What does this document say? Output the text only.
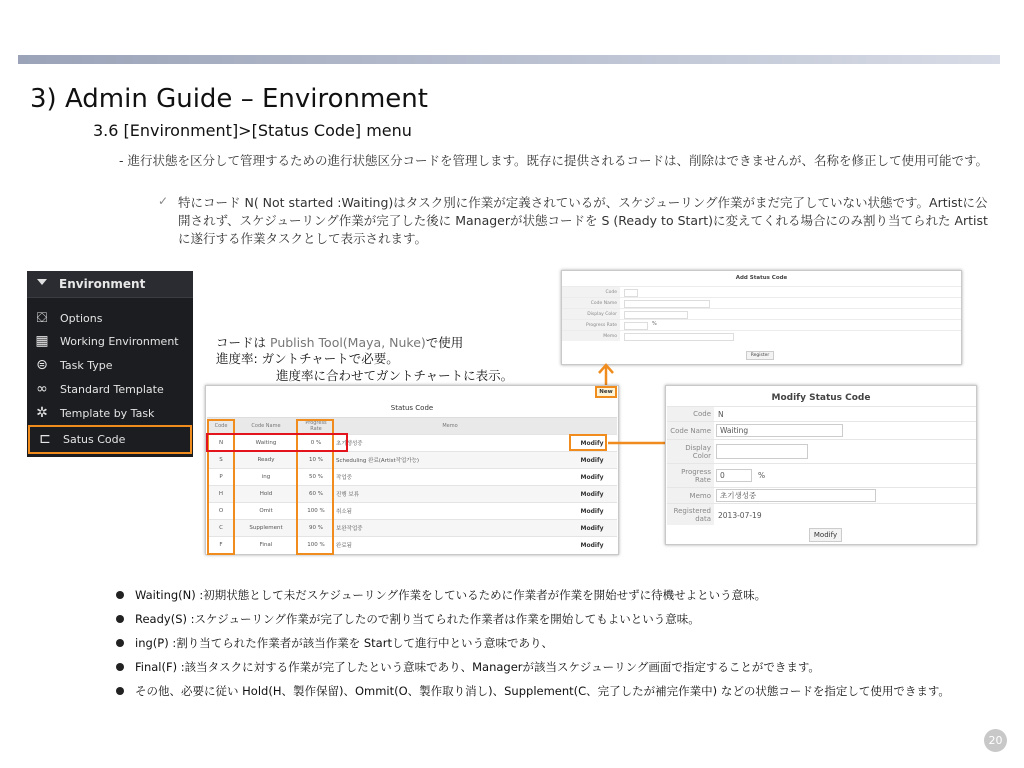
3) Admin Guide – Environment
3.6 [Environment]>[Status Code] menu
- 進行状態を区分して管理するための進行状態区分コードを管理します。既存に提供されるコードは、削除はできませんが、名称を修正して使用可能です。
✓ 特にコード N( Not started :Waiting)はタスク別に作業が定義されているが、スケジューリング作業がまだ完了していない状態です。Artistに公開されず、スケジューリング作業が完了した後に Managerが状態コードを S (Ready to Start)に変えてくれる場合にのみ割り当てられた Artistに遂行する作業タスクとして表示されます。
Environment
⛋	Options
▦ Working Environment
⊜ Task Type
∞ Standard Template
✲ Template by Task
⊏ Satus Code
コードは Publish Tool(Maya, Nuke)で使用
進度率: ガントチャートで必要。
進度率に合わせてガントチャートに表示。
Add Status Code
Code
Code Name
Display Color
Progress Rate	%
Memo
Register
Status Code
Code	Code Name	Progress Rate	Memo
N	Waiting	0 %	초기생성중	Modify
S	Ready	10 %	Scheduling 완료(Artist작업가능)	Modify
P	ing	50 %	작업중	Modify
H	Hold	60 %	진행 보류	Modify
O	Omit	100 %	취소됨	Modify
C	Supplement	90 %	보완작업중	Modify
F	Final	100 %	완료됨	Modify
New
Modify Status Code
Code N
Code Name	Waiting
Display Color
Progress Rate	0	%
Memo	초기생성중
Registered data 2013-07-19
Modify
Waiting(N) :初期状態として未だスケジューリング作業をしているために作業者が作業を開始せずに待機せよという意味。
Ready(S) :スケジューリング作業が完了したので割り当てられた作業者は作業を開始してもよいという意味。
ing(P) :割り当てられた作業者が該当作業を Startして進行中という意味であり、
Final(F) :該当タスクに対する作業が完了したという意味であり、Managerが該当スケジューリング画面で指定することができます。
その他、必要に従い Hold(H、製作保留)、Ommit(O、製作取り消し)、Supplement(C、完了したが補完作業中) などの状態コードを指定して使用できます。
20
